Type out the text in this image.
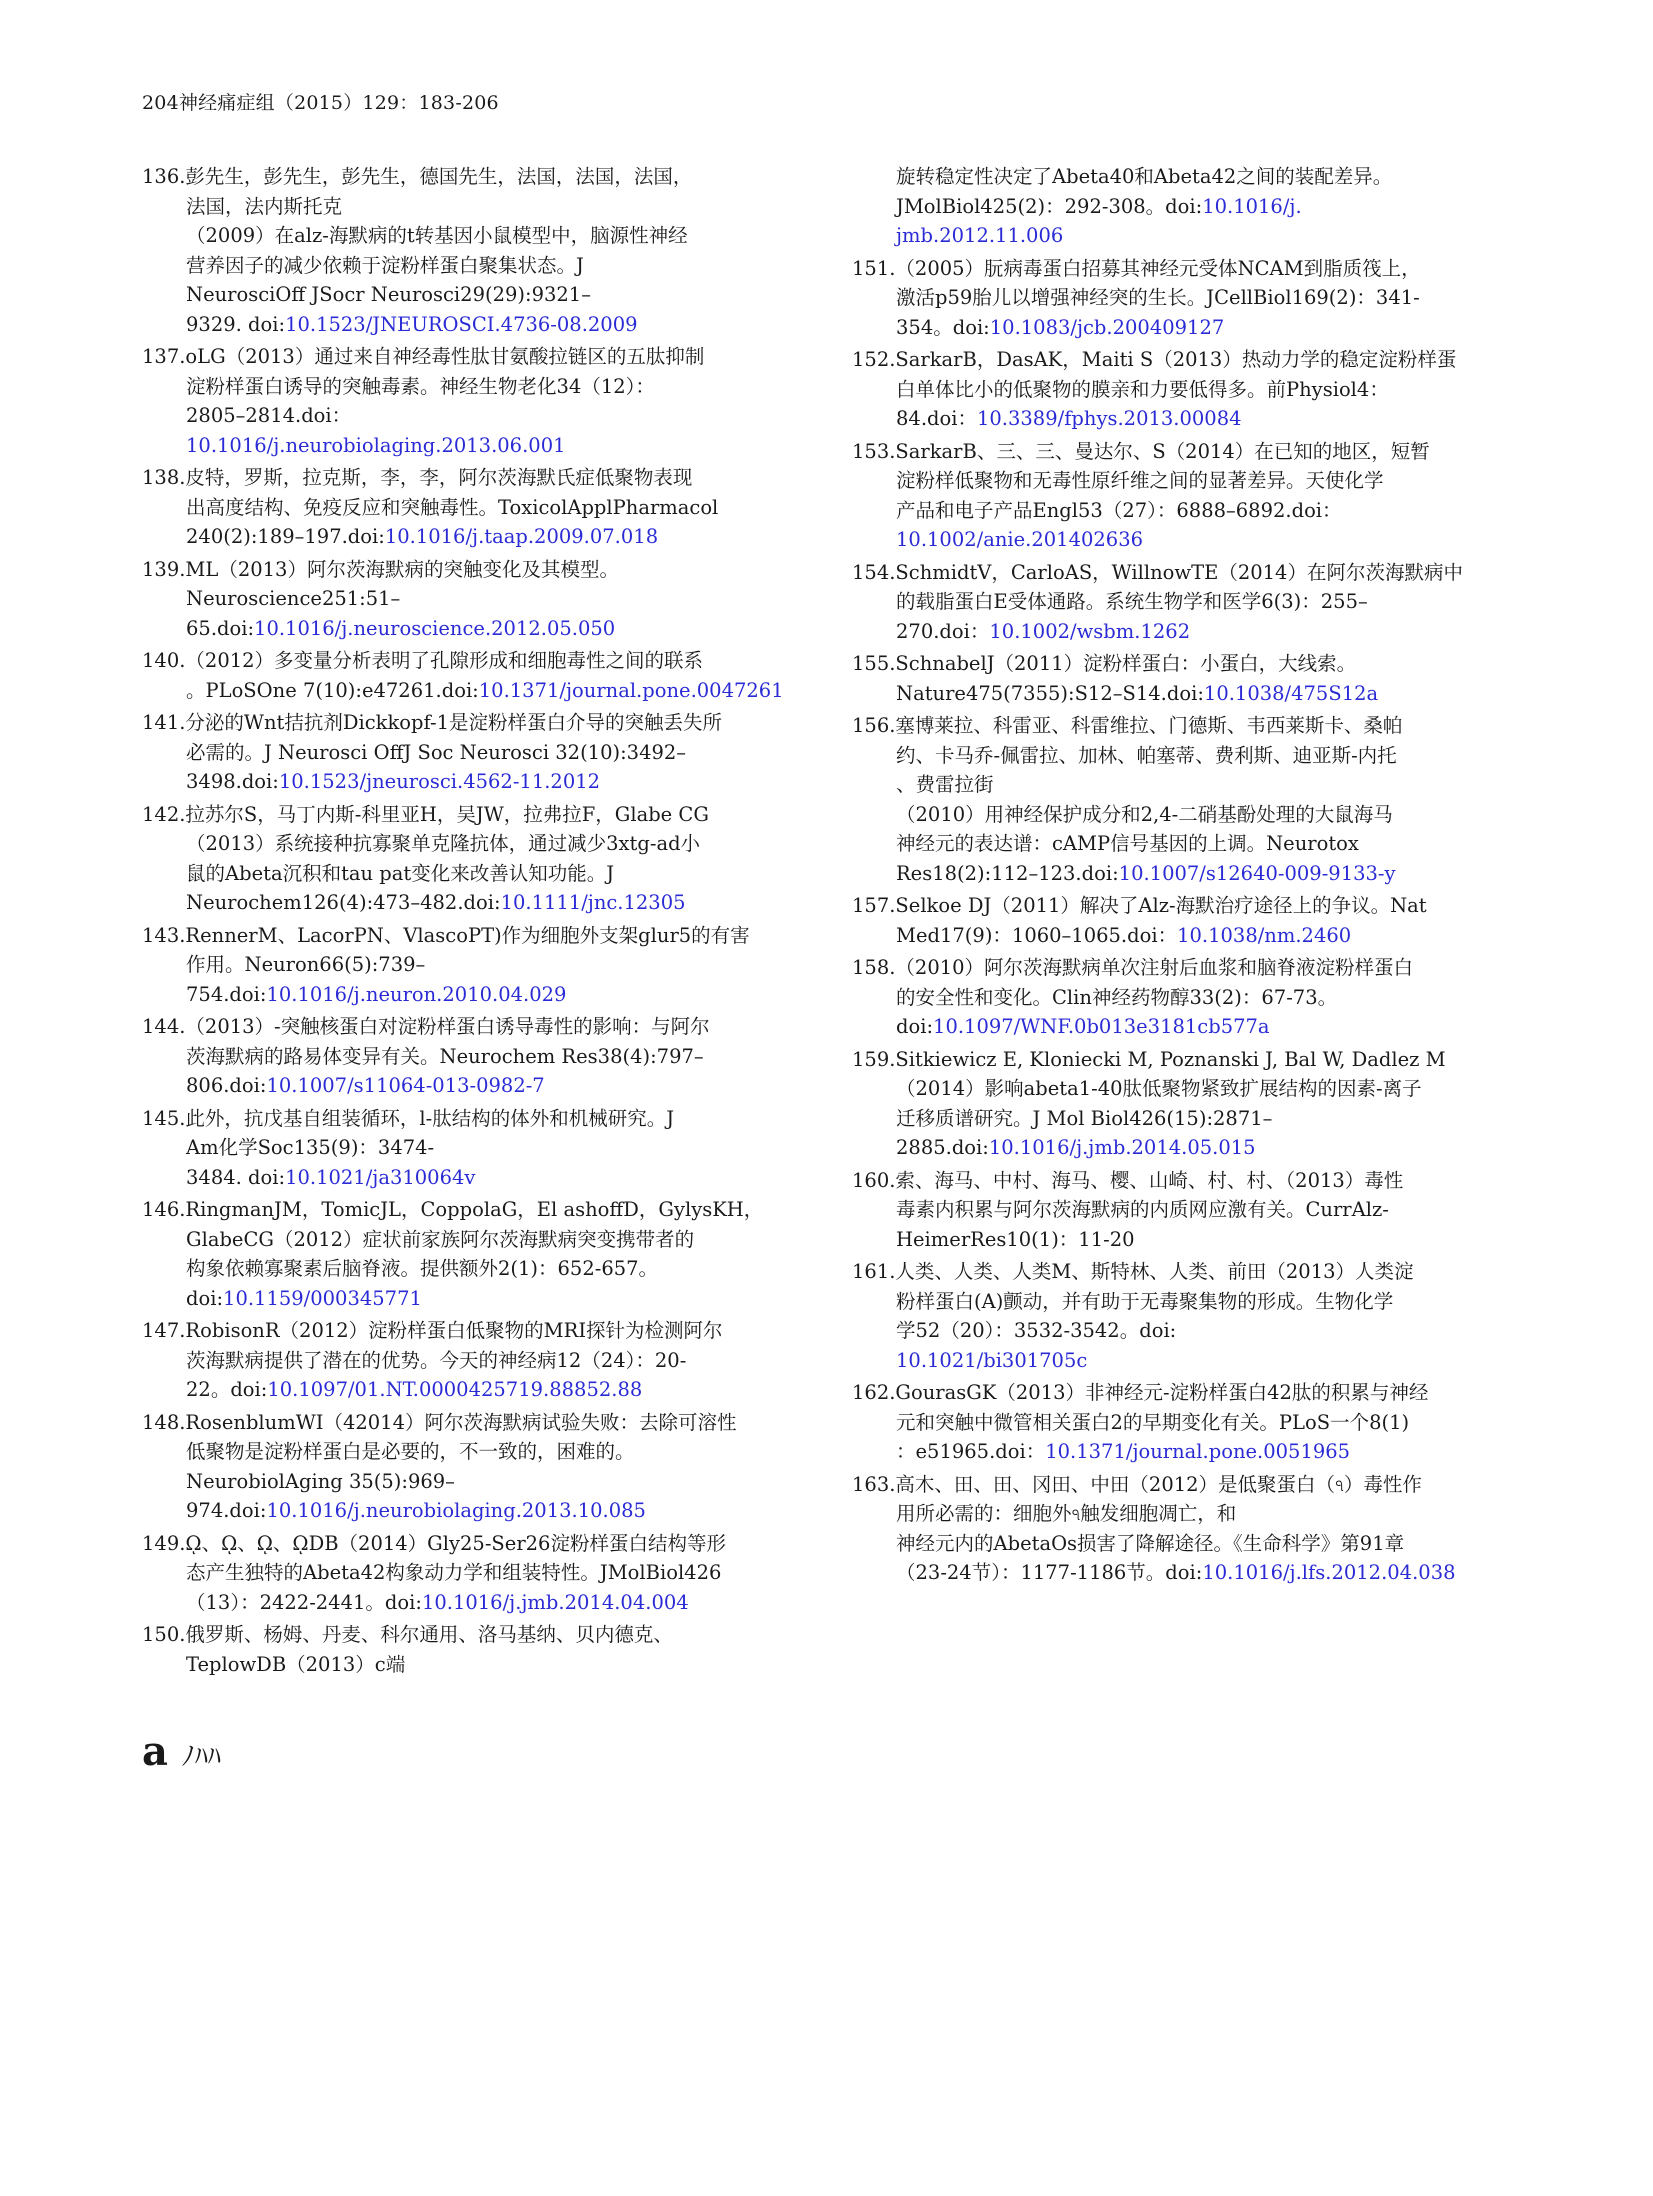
204神经痛症组（2015）129：183-206
136.彭先生，彭先生，彭先生，德国先生，法国，法国，法国，
法国，法内斯托克
（2009）在alz-海默病的t转基因小鼠模型中，脑源性神经
营养因子的减少依赖于淀粉样蛋白聚集状态。J
NeurosciOff JSocr Neurosci29(29):9321–
9329. doi:10.1523/JNEUROSCI.4736-08.2009
137.oLG（2013）通过来自神经毒性肽甘氨酸拉链区的五肽抑制
淀粉样蛋白诱导的突触毒素。神经生物老化34（12）：
2805–2814.doi：
10.1016/j.neurobiolaging.2013.06.001
138.皮特，罗斯，拉克斯，李，李，阿尔茨海默氏症低聚物表现
出高度结构、免疫反应和突触毒性。ToxicolApplPharmacol
240(2):189–197.doi:10.1016/j.taap.2009.07.018
139.ML（2013）阿尔茨海默病的突触变化及其模型。
Neuroscience251:51–
65.doi:10.1016/j.neuroscience.2012.05.050
140.（2012）多变量分析表明了孔隙形成和细胞毒性之间的联系
。PLoSOne 7(10):e47261.doi:10.1371/journal.pone.0047261
141.分泌的Wnt拮抗剂Dickkopf-1是淀粉样蛋白介导的突触丢失所
必需的。J Neurosci OffJ Soc Neurosci 32(10):3492–
3498.doi:10.1523/jneurosci.4562-11.2012
142.拉苏尔S，马丁内斯-科里亚H，吴JW，拉弗拉F，Glabe CG
（2013）系统接种抗寡聚单克隆抗体，通过减少3xtg-ad小
鼠的Abeta沉积和tau pat变化来改善认知功能。J
Neurochem126(4):473–482.doi:10.1111/jnc.12305
143.RennerM、LacorPN、VlascoPT)作为细胞外支架glur5的有害
作用。Neuron66(5):739–
754.doi:10.1016/j.neuron.2010.04.029
144.（2013）-突触核蛋白对淀粉样蛋白诱导毒性的影响：与阿尔
茨海默病的路易体变异有关。Neurochem Res38(4):797–
806.doi:10.1007/s11064-013-0982-7
145.此外，抗戊基自组装循环，l-肽结构的体外和机械研究。J
Am化学Soc135(9)：3474-
3484. doi:10.1021/ja310064v
146.RingmanJM，TomicJL，CoppolaG，El ashoffD，GylysKH，
GlabeCG（2012）症状前家族阿尔茨海默病突变携带者的
构象依赖寡聚素后脑脊液。提供额外2(1)：652-657。
doi:10.1159/000345771
147.RobisonR（2012）淀粉样蛋白低聚物的MRI探针为检测阿尔
茨海默病提供了潜在的优势。今天的神经病12（24）：20-
22。doi:10.1097/01.NT.0000425719.88852.88
148.RosenblumWI（42014）阿尔茨海默病试验失败：去除可溶性
低聚物是淀粉样蛋白是必要的，不一致的，困难的。
NeurobiolAging 35(5):969–
974.doi:10.1016/j.neurobiolaging.2013.10.085
149.ῼ、ῼ、ῼ、ῼDB（2014）Gly25-Ser26淀粉样蛋白结构等形
态产生独特的Abeta42构象动力学和组装特性。JMolBiol426
（13）：2422-2441。doi:10.1016/j.jmb.2014.04.004
150.俄罗斯、杨姆、丹麦、科尔通用、洛马基纳、贝内德克、
TeplowDB（2013）c端
旋转稳定性决定了Abeta40和Abeta42之间的装配差异。
JMolBiol425(2)：292-308。doi:10.1016/j.
jmb.2012.11.006
151.（2005）朊病毒蛋白招募其神经元受体NCAM到脂质筏上，
激活p59胎儿以增强神经突的生长。JCellBiol169(2)：341-
354。doi:10.1083/jcb.200409127
152.SarkarB，DasAK，Maiti S（2013）热动力学的稳定淀粉样蛋
白单体比小的低聚物的膜亲和力要低得多。前Physiol4：
84.doi：10.3389/fphys.2013.00084
153.SarkarB、三、三、曼达尔、S（2014）在已知的地区，短暂
淀粉样低聚物和无毒性原纤维之间的显著差异。天使化学
产品和电子产品Engl53（27）：6888–6892.doi：
10.1002/anie.201402636
154.SchmidtV，CarloAS，WillnowTE（2014）在阿尔茨海默病中
的载脂蛋白E受体通路。系统生物学和医学6(3)：255–
270.doi：10.1002/wsbm.1262
155.SchnabelJ（2011）淀粉样蛋白：小蛋白，大线索。
Nature475(7355):S12–S14.doi:10.1038/475S12a
156.塞博莱拉、科雷亚、科雷维拉、门德斯、韦西莱斯卡、桑帕
约、卡马乔-佩雷拉、加林、帕塞蒂、费利斯、迪亚斯-内托
、费雷拉街
（2010）用神经保护成分和2,4-二硝基酚处理的大鼠海马
神经元的表达谱：cAMP信号基因的上调。Neurotox
Res18(2):112–123.doi:10.1007/s12640-009-9133-y
157.Selkoe DJ（2011）解决了Alz-海默治疗途径上的争议。Nat
Med17(9)：1060–1065.doi：10.1038/nm.2460
158.（2010）阿尔茨海默病单次注射后血浆和脑脊液淀粉样蛋白
的安全性和变化。Clin神经药物醇33(2)：67-73。
doi:10.1097/WNF.0b013e3181cb577a
159.Sitkiewicz E, Kloniecki M, Poznanski J, Bal W, Dadlez M
（2014）影响abeta1-40肽低聚物紧致扩展结构的因素-离子
迁移质谱研究。J Mol Biol426(15):2871–
2885.doi:10.1016/j.jmb.2014.05.015
160.索、海马、中村、海马、樱、山崎、村、村、（2013）毒性
毒素内积累与阿尔茨海默病的内质网应激有关。CurrAlz-
HeimerRes10(1)：11-20
161.人类、人类、人类M、斯特林、人类、前田（2013）人类淀
粉样蛋白(A)颤动，并有助于无毒聚集物的形成。生物化学
学52（20）：3532-3542。doi:
10.1021/bi301705c
162.GourasGK（2013）非神经元-淀粉样蛋白42肽的积累与神经
元和突触中微管相关蛋白2的早期变化有关。PLoS一个8(1)
：e51965.doi：10.1371/journal.pone.0051965
163.高木、田、田、冈田、中田（2012）是低聚蛋白（ঀ）毒性作
用所必需的：细胞外ঀ触发细胞凋亡，和
神经元内的AbetaOs损害了降解途径。《生命科学》第91章
（23-24节）：1177-1186节。doi:10.1016/j.lfs.2012.04.038
a ﾉﾊﾊ
